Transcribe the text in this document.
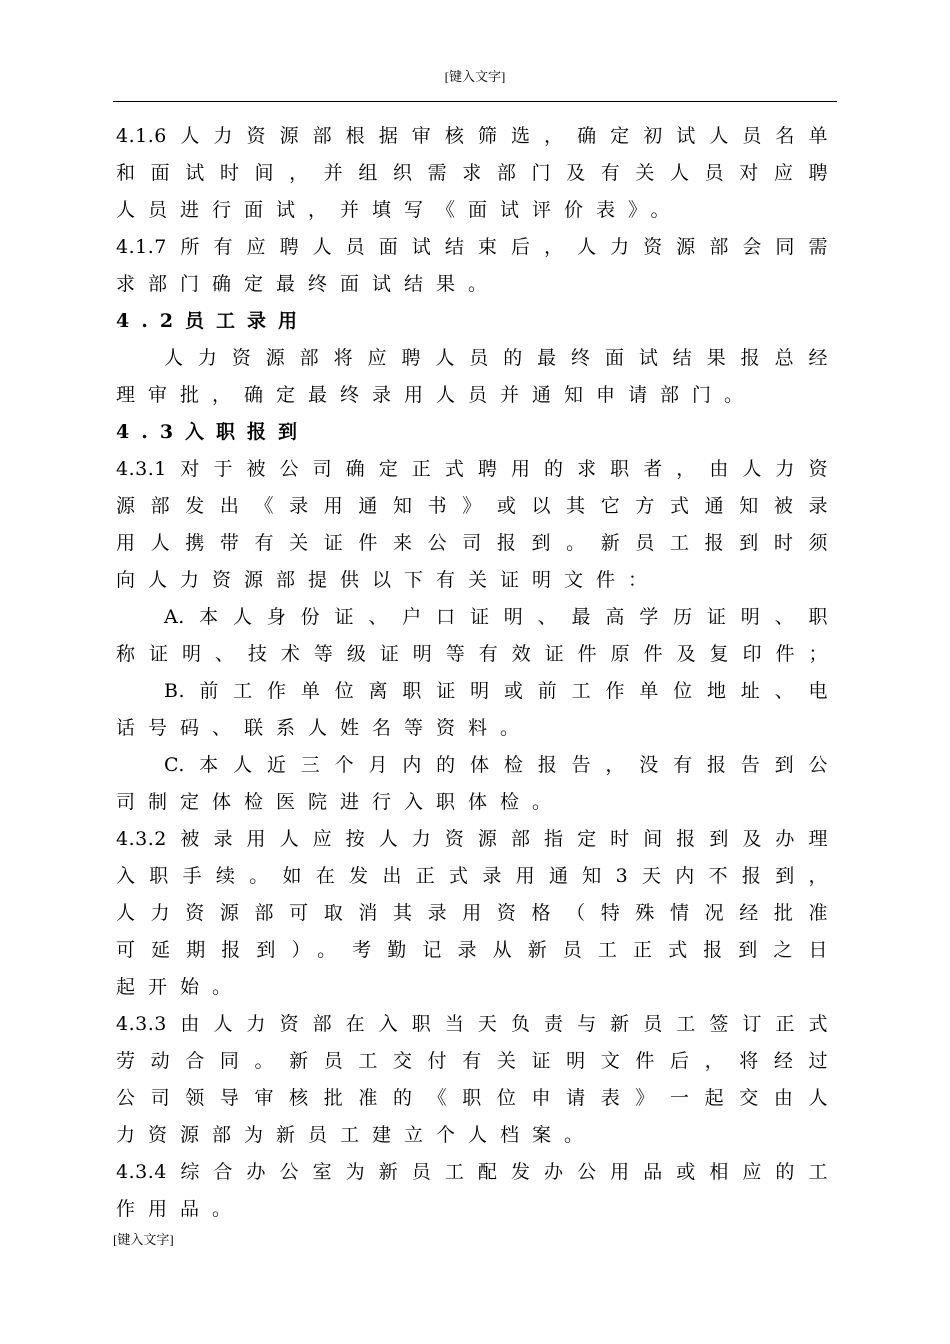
[键入文字]
4.1.6人力资源部根据审核筛选，确定初试人员名单
和面试时间，并组织需求部门及有关人员对应聘
人员进行面试，并填写《面试评价表》。
4.1.7所有应聘人员面试结束后，人力资源部会同需
求部门确定最终面试结果。
4.2员工录用
人力资源部将应聘人员的最终面试结果报总经
理审批，确定最终录用人员并通知申请部门。
4.3入职报到
4.3.1对于被公司确定正式聘用的求职者，由人力资
源部发出《录用通知书》或以其它方式通知被录
用人携带有关证件来公司报到。新员工报到时须
向人力资源部提供以下有关证明文件：
A.本人身份证、户口证明、最高学历证明、职
称证明、技术等级证明等有效证件原件及复印件；
B.前工作单位离职证明或前工作单位地址、电
话号码、联系人姓名等资料。
C.本人近三个月内的体检报告，没有报告到公
司制定体检医院进行入职体检。
4.3.2被录用人应按人力资源部指定时间报到及办理
入职手续。如在发出正式录用通知3天内不报到，
人力资源部可取消其录用资格（特殊情况经批准
可延期报到）。考勤记录从新员工正式报到之日
起开始。
4.3.3由人力资部在入职当天负责与新员工签订正式
劳动合同。新员工交付有关证明文件后，将经过
公司领导审核批准的《职位申请表》一起交由人
力资源部为新员工建立个人档案。
4.3.4综合办公室为新员工配发办公用品或相应的工
作用品。
[键入文字]
